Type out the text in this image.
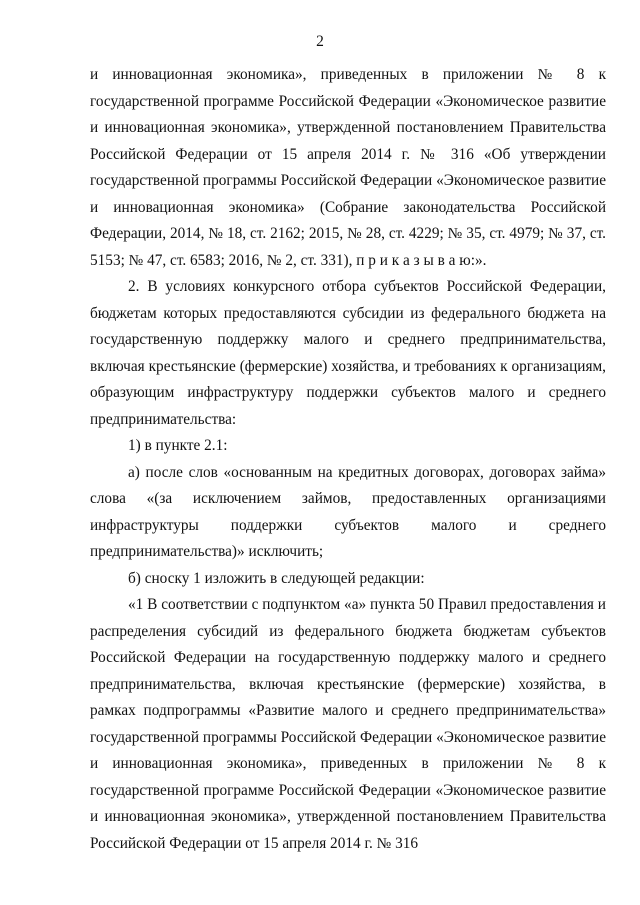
2

и инновационная экономика», приведенных в приложении № 8 к государственной программе Российской Федерации «Экономическое развитие и инновационная экономика», утвержденной постановлением Правительства Российской Федерации от 15 апреля 2014 г. № 316 «Об утверждении государственной программы Российской Федерации «Экономическое развитие и инновационная экономика» (Собрание законодательства Российской Федерации, 2014, № 18, ст. 2162; 2015, № 28, ст. 4229; № 35, ст. 4979; № 37, ст. 5153; № 47, ст. 6583; 2016, № 2, ст. 331), п р и к а з ы в а ю:».

2. В условиях конкурсного отбора субъектов Российской Федерации, бюджетам которых предоставляются субсидии из федерального бюджета на государственную поддержку малого и среднего предпринимательства, включая крестьянские (фермерские) хозяйства, и требованиях к организациям, образующим инфраструктуру поддержки субъектов малого и среднего предпринимательства:

1) в пункте 2.1:

а) после слов «основанным на кредитных договорах, договорах займа» слова «(за исключением займов, предоставленных организациями инфраструктуры поддержки субъектов малого и среднего предпринимательства)» исключить;

б) сноску 1 изложить в следующей редакции:

«1 В соответствии с подпунктом «а» пункта 50 Правил предоставления и распределения субсидий из федерального бюджета бюджетам субъектов Российской Федерации на государственную поддержку малого и среднего предпринимательства, включая крестьянские (фермерские) хозяйства, в рамках подпрограммы «Развитие малого и среднего предпринимательства» государственной программы Российской Федерации «Экономическое развитие и инновационная экономика», приведенных в приложении № 8 к государственной программе Российской Федерации «Экономическое развитие и инновационная экономика», утвержденной постановлением Правительства Российской Федерации от 15 апреля 2014 г. № 316
